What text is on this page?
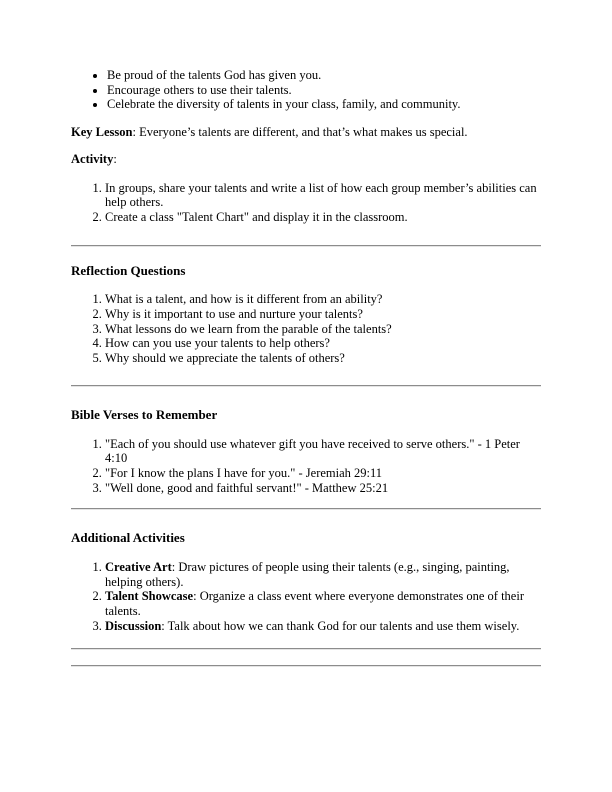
• Be proud of the talents God has given you.
• Encourage others to use their talents.
• Celebrate the diversity of talents in your class, family, and community.

Key Lesson: Everyone’s talents are different, and that’s what makes us special.

Activity:

1. In groups, share your talents and write a list of how each group member’s abilities can help others.
2. Create a class "Talent Chart" and display it in the classroom.

Reflection Questions

1. What is a talent, and how is it different from an ability?
2. Why is it important to use and nurture your talents?
3. What lessons do we learn from the parable of the talents?
4. How can you use your talents to help others?
5. Why should we appreciate the talents of others?

Bible Verses to Remember

1. "Each of you should use whatever gift you have received to serve others." - 1 Peter 4:10
2. "For I know the plans I have for you." - Jeremiah 29:11
3. "Well done, good and faithful servant!" - Matthew 25:21

Additional Activities

1. Creative Art: Draw pictures of people using their talents (e.g., singing, painting, helping others).
2. Talent Showcase: Organize a class event where everyone demonstrates one of their talents.
3. Discussion: Talk about how we can thank God for our talents and use them wisely.
